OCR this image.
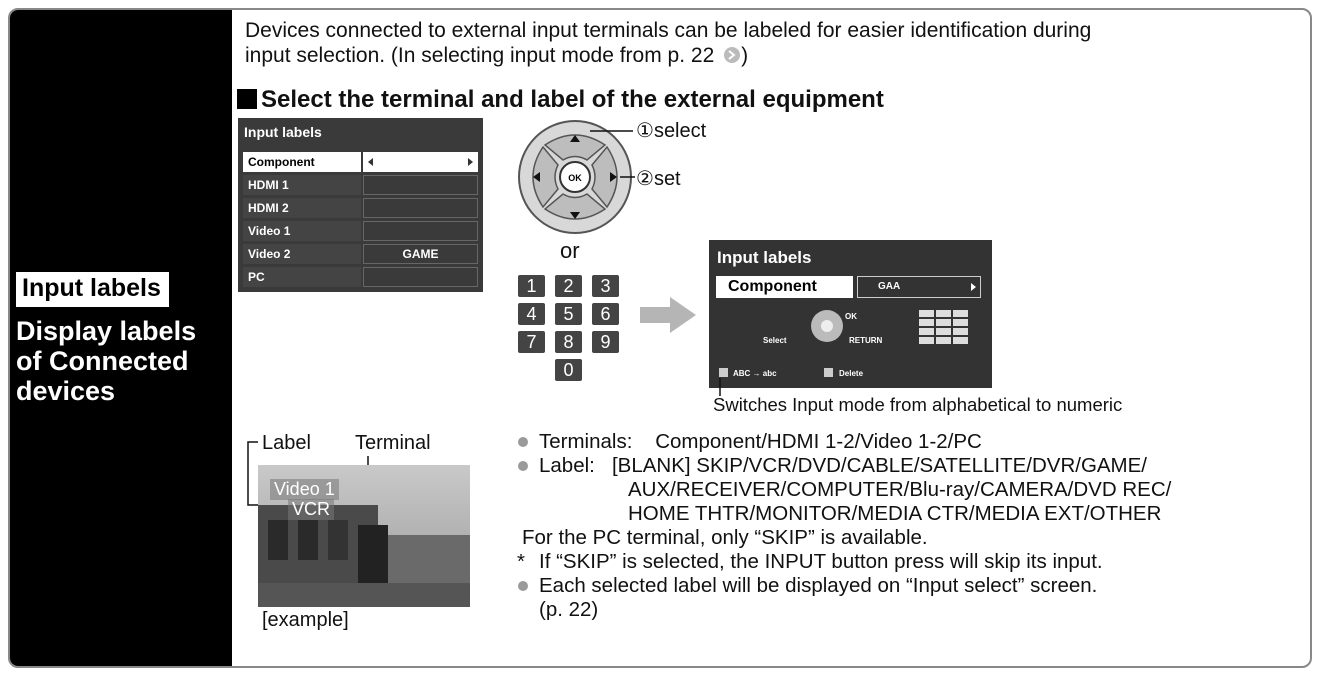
Input labels
Display labels of Connected devices
Devices connected to external input terminals can be labeled for easier identification during
input selection. (In selecting input mode from p. 22 )
Select the terminal and label of the external equipment
Input labels
Component
HDMI 1
HDMI 2
Video 1
Video 2	GAME
PC
OK
①select
②set
or
1	2	3
4	5	6
7	8	9
0
Input labels
Component	GAA
OK
Select	RETURN
ABC → abc	Delete
Switches Input mode from alphabetical to numeric
Label Terminal
Video 1
VCR
[example]
Terminals: Component/HDMI 1-2/Video 1-2/PC
Label: [BLANK] SKIP/VCR/DVD/CABLE/SATELLITE/DVR/GAME/
AUX/RECEIVER/COMPUTER/Blu-ray/CAMERA/DVD REC/
HOME THTR/MONITOR/MEDIA CTR/MEDIA EXT/OTHER
For the PC terminal, only “SKIP” is available.
* If “SKIP” is selected, the INPUT button press will skip its input.
Each selected label will be displayed on “Input select” screen.
(p. 22)
